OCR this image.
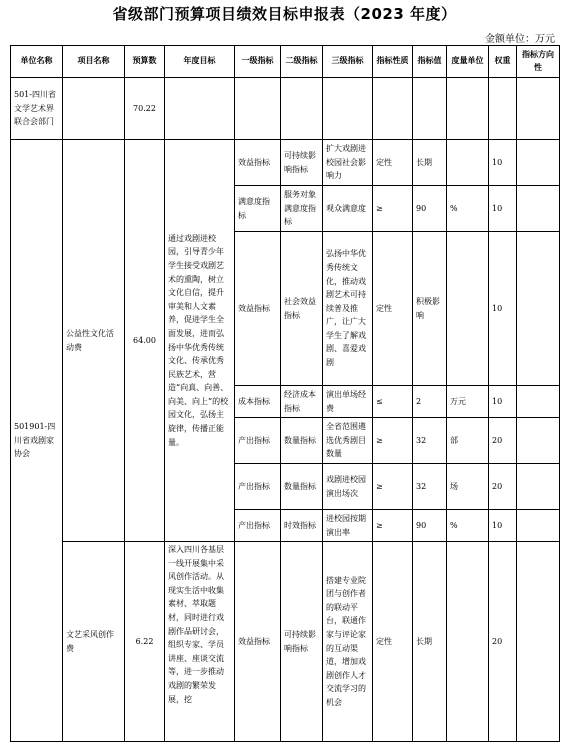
省级部门预算项目绩效目标申报表（2023 年度）
金额单位：万元
单位名称	项目名称	预算数	年度目标	一级指标	二级指标	三级指标	指标性质	指标值	度量单位	权重	指标方向性
501-四川省文学艺术界联合会部门		70.22									
501901-四川省戏剧家协会	公益性文化活动费	64.00	通过戏剧进校园，引导青少年学生接受戏剧艺术的熏陶，树立文化自信，提升审美和人文素养，促进学生全面发展，进而弘扬中华优秀传统文化、传承优秀民族艺术，营造“向真、向善、向美、向上”的校园文化，弘扬主旋律，传播正能量。	效益指标	可持续影响指标	扩大戏剧进校园社会影响力	定性	长期		10	
				满意度指标	服务对象满意度指标	观众满意度	≥	90	%	10	
				效益指标	社会效益指标	弘扬中华优秀传统文化，推动戏剧艺术可持续普及推广，让广大学生了解戏剧、喜爱戏剧	定性	积极影响		10	
				成本指标	经济成本指标	演出单场经费	≤	2	万元	10	
				产出指标	数量指标	全省范围遴选优秀剧目数量	≥	32	部	20	
				产出指标	数量指标	戏剧进校园演出场次	≥	32	场	20	
				产出指标	时效指标	进校园按期演出率	≥	90	%	10	
	文艺采风创作费	6.22	深入四川各基层一线开展集中采风创作活动。从现实生活中收集素材、萃取题材，同时进行戏剧作品研讨会，组织专家、学员讲座、座谈交流等，进一步推动戏剧的繁荣发展，挖	效益指标	可持续影响指标	搭建专业院团与创作者的联动平台，联通作家与评论家的互动渠道，增加戏剧创作人才交流学习的机会	定性	长期		20	
